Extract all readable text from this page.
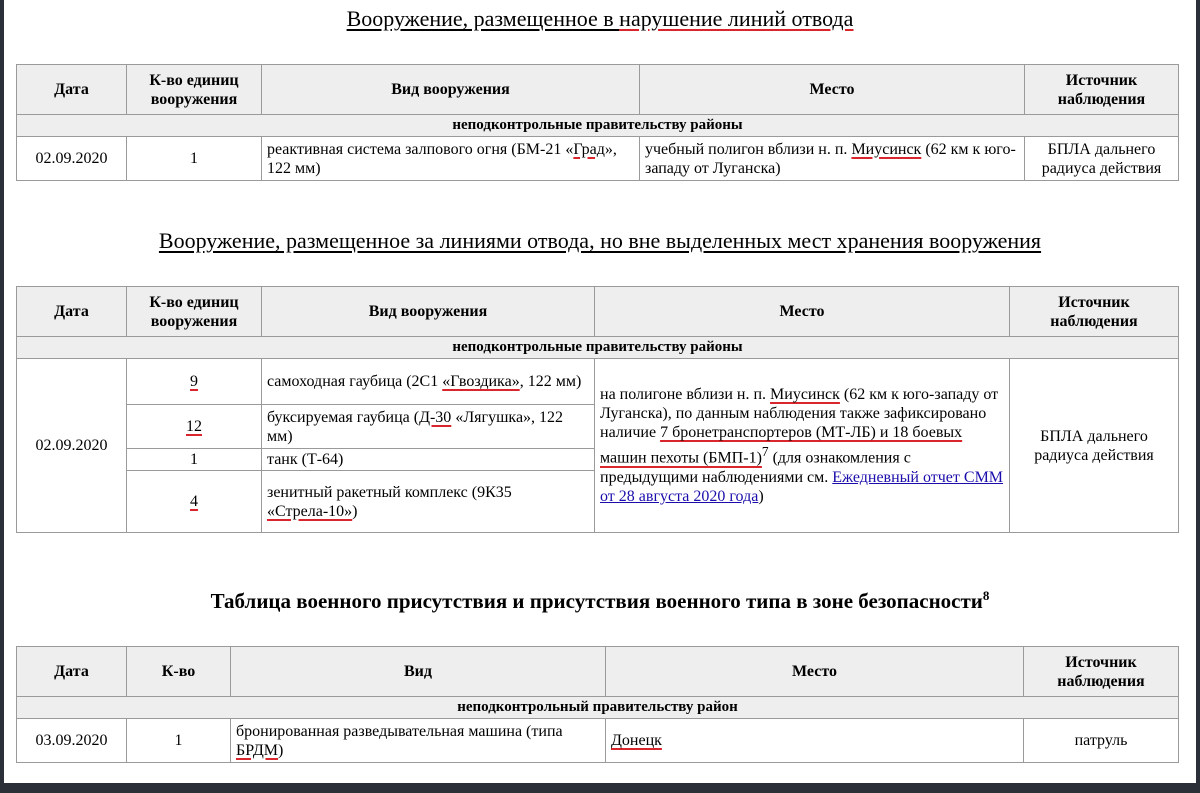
Вооружение, размещенное в нарушение линий отвода
Дата	К-во единиц вооружения	Вид вооружения	Место	Источник наблюдения
неподконтрольные правительству районы				
02.09.2020	1	реактивная система залпового огня (БМ-21 «Град», 122 мм)	учебный полигон вблизи н. п. Миусинск (62 км к юго-западу от Луганска)	БПЛА дальнего радиуса действия
Вооружение, размещенное за линиями отвода, но вне выделенных мест хранения вооружения
Дата	К-во единиц вооружения	Вид вооружения	Место	Источник наблюдения
неподконтрольные правительству районы				
02.09.2020	9	самоходная гаубица (2С1 «Гвоздика», 122 мм)	на полигоне вблизи н. п. Миусинск (62 км к юго-западу от Луганска), по данным наблюдения также зафиксировано наличие 7 бронетранспортеров (МТ-ЛБ) и 18 боевых машин пехоты $(БМП-1)^7$ (для ознакомления с предыдущими наблюдениями см. Ежедневный отчет СММ от 28 августа 2020 года)	БПЛА дальнего радиуса действия
	12	буксируемая гаубица (Д-30 «Лягушка», 122 мм)		
	1	танк (Т-64)		
	4	зенитный ракетный комплекс (9К35 «Стрела-10»)		
Таблица военного присутствия и присутствия военного типа в зоне безопасности$^8$
Дата	К-во	Вид	Место	Источник наблюдения
неподконтрольный правительству район				
03.09.2020	1	бронированная разведывательная машина (типа БРДМ)	Донецк	патруль
